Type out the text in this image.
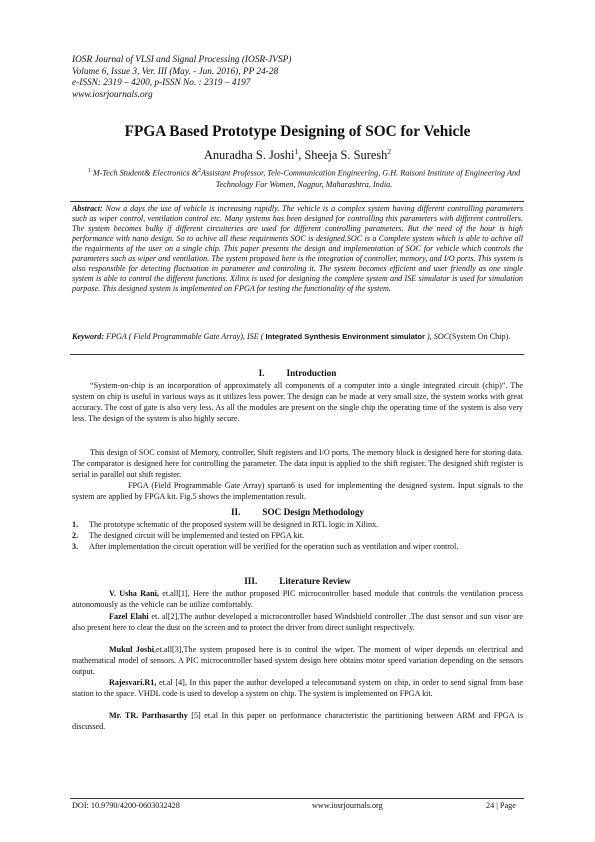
IOSR Journal of VLSI and Signal Processing (IOSR-JVSP)
Volume 6, Issue 3, Ver. III (May. - Jun. 2016), PP 24-28
e-ISSN: 2319 – 4200, p-ISSN No. : 2319 – 4197
www.iosrjournals.org
FPGA Based Prototype Designing of SOC for Vehicle
Anuradha S. Joshi$^1$, Sheeja S. Suresh$^2$
$^1$ M-Tech Student& Electronics &$^2$Assistant Professor, Tele-Communication Engineering, G.H. Raisoni Institute of Engineering And Technology For Women, Nagpur, Maharashtra, India.
Abstract: Now a days the use of vehicle is increasing rapidly. The vehicle is a complex system having different controlling parameters such as wiper control, ventilation control etc. Many systems has been designed for controlling this parameters with different controllers. The system becomes bulky if different circuiteries are used for different controlling parameters. But the need of the hour is high performance with nano design. So to achive all these requirments SOC is designed.SOC is a Complete system which is able to achive all the requirments of the user on a single chip. This paper presents the design and implementation of SOC for vehicle which controls the parameters such as wiper and ventilation. The system proposed here is the integration of controller, memory, and I/O ports. This system is also responsible for detecting fluctuation in parameter and controling it. The system becomes efficient and user friendly as one single system is able to control the different functions. Xilinx is used for designing the complete system and ISE simulator is used for simulation purpose. This designed system is implemented on FPGA for testing the functionality of the system.
Keyword: FPGA ( Field Programmable Gate Array), ISE ( Integrated Synthesis Environment simulator ), SOC(System On Chip).
I. Introduction
“System-on-chip is an incorporation of approximately all components of a computer into a single integrated circuit (chip)”. The system on chip is useful in various ways as it utilizes less power. The design can be made at very small size, the system works with great accuracy. The cost of gate is also very less. As all the modules are present on the single chip the operating time of the system is also very less. The design of the system is also highly secure.
This design of SOC consist of Memory, controller, Shift registers and I/O ports. The memory block is designed here for storing data. The comparator is designed here for controlling the parameter. The data input is applied to the shift register. The designed shift register is serial in parallel out shift register.
FPGA (Field Programmable Gate Array) spartan6 is used for implementing the designed system. Input signals to the system are applied by FPGA kit. Fig.5 shows the implementation result.
II. SOC Design Methodology
1.	The prototype schematic of the proposed system will be designed in RTL logic in Xilinx.
2.	The designed circuit will be implemented and tested on FPGA kit.
3.	After implementation the circuit operation will be verified for the operation such as ventilation and wiper control.
III. Literature Review
V. Usha Rani, et.all[1], Here the author proposed PIC microcontroller based module that controls the ventilation process autonomously as the vehicle can be utilize comfortably.
Fazel Elahi et. al[2],The author developed a microcontroller based Windshield controller .The dust sensor and sun visor are also present here to clear the dust on the screen and to protect the driver from direct sunlight respectively.
Mukul Joshi,et.all[3],The system proposed here is to control the wiper. The moment of wiper depends on electrical and mathematical model of sensors. A PIC microcontroller based system design here obtains motor speed variation depending on the sensors output.
Rajesvari.R1, et.al [4], In this paper the author developed a telecommand system on chip, in order to send signal from base station to the space. VHDL code is used to develop a system on chip. The system is implemented on FPGA kit.
Mr. TR. Parthasarthy [5] et.al In this paper on performance characteristic the partitioning between ARM and FPGA is discussed.
DOI: 10.9790/4200-0603032428	www.iosrjournals.org	24 | Page
